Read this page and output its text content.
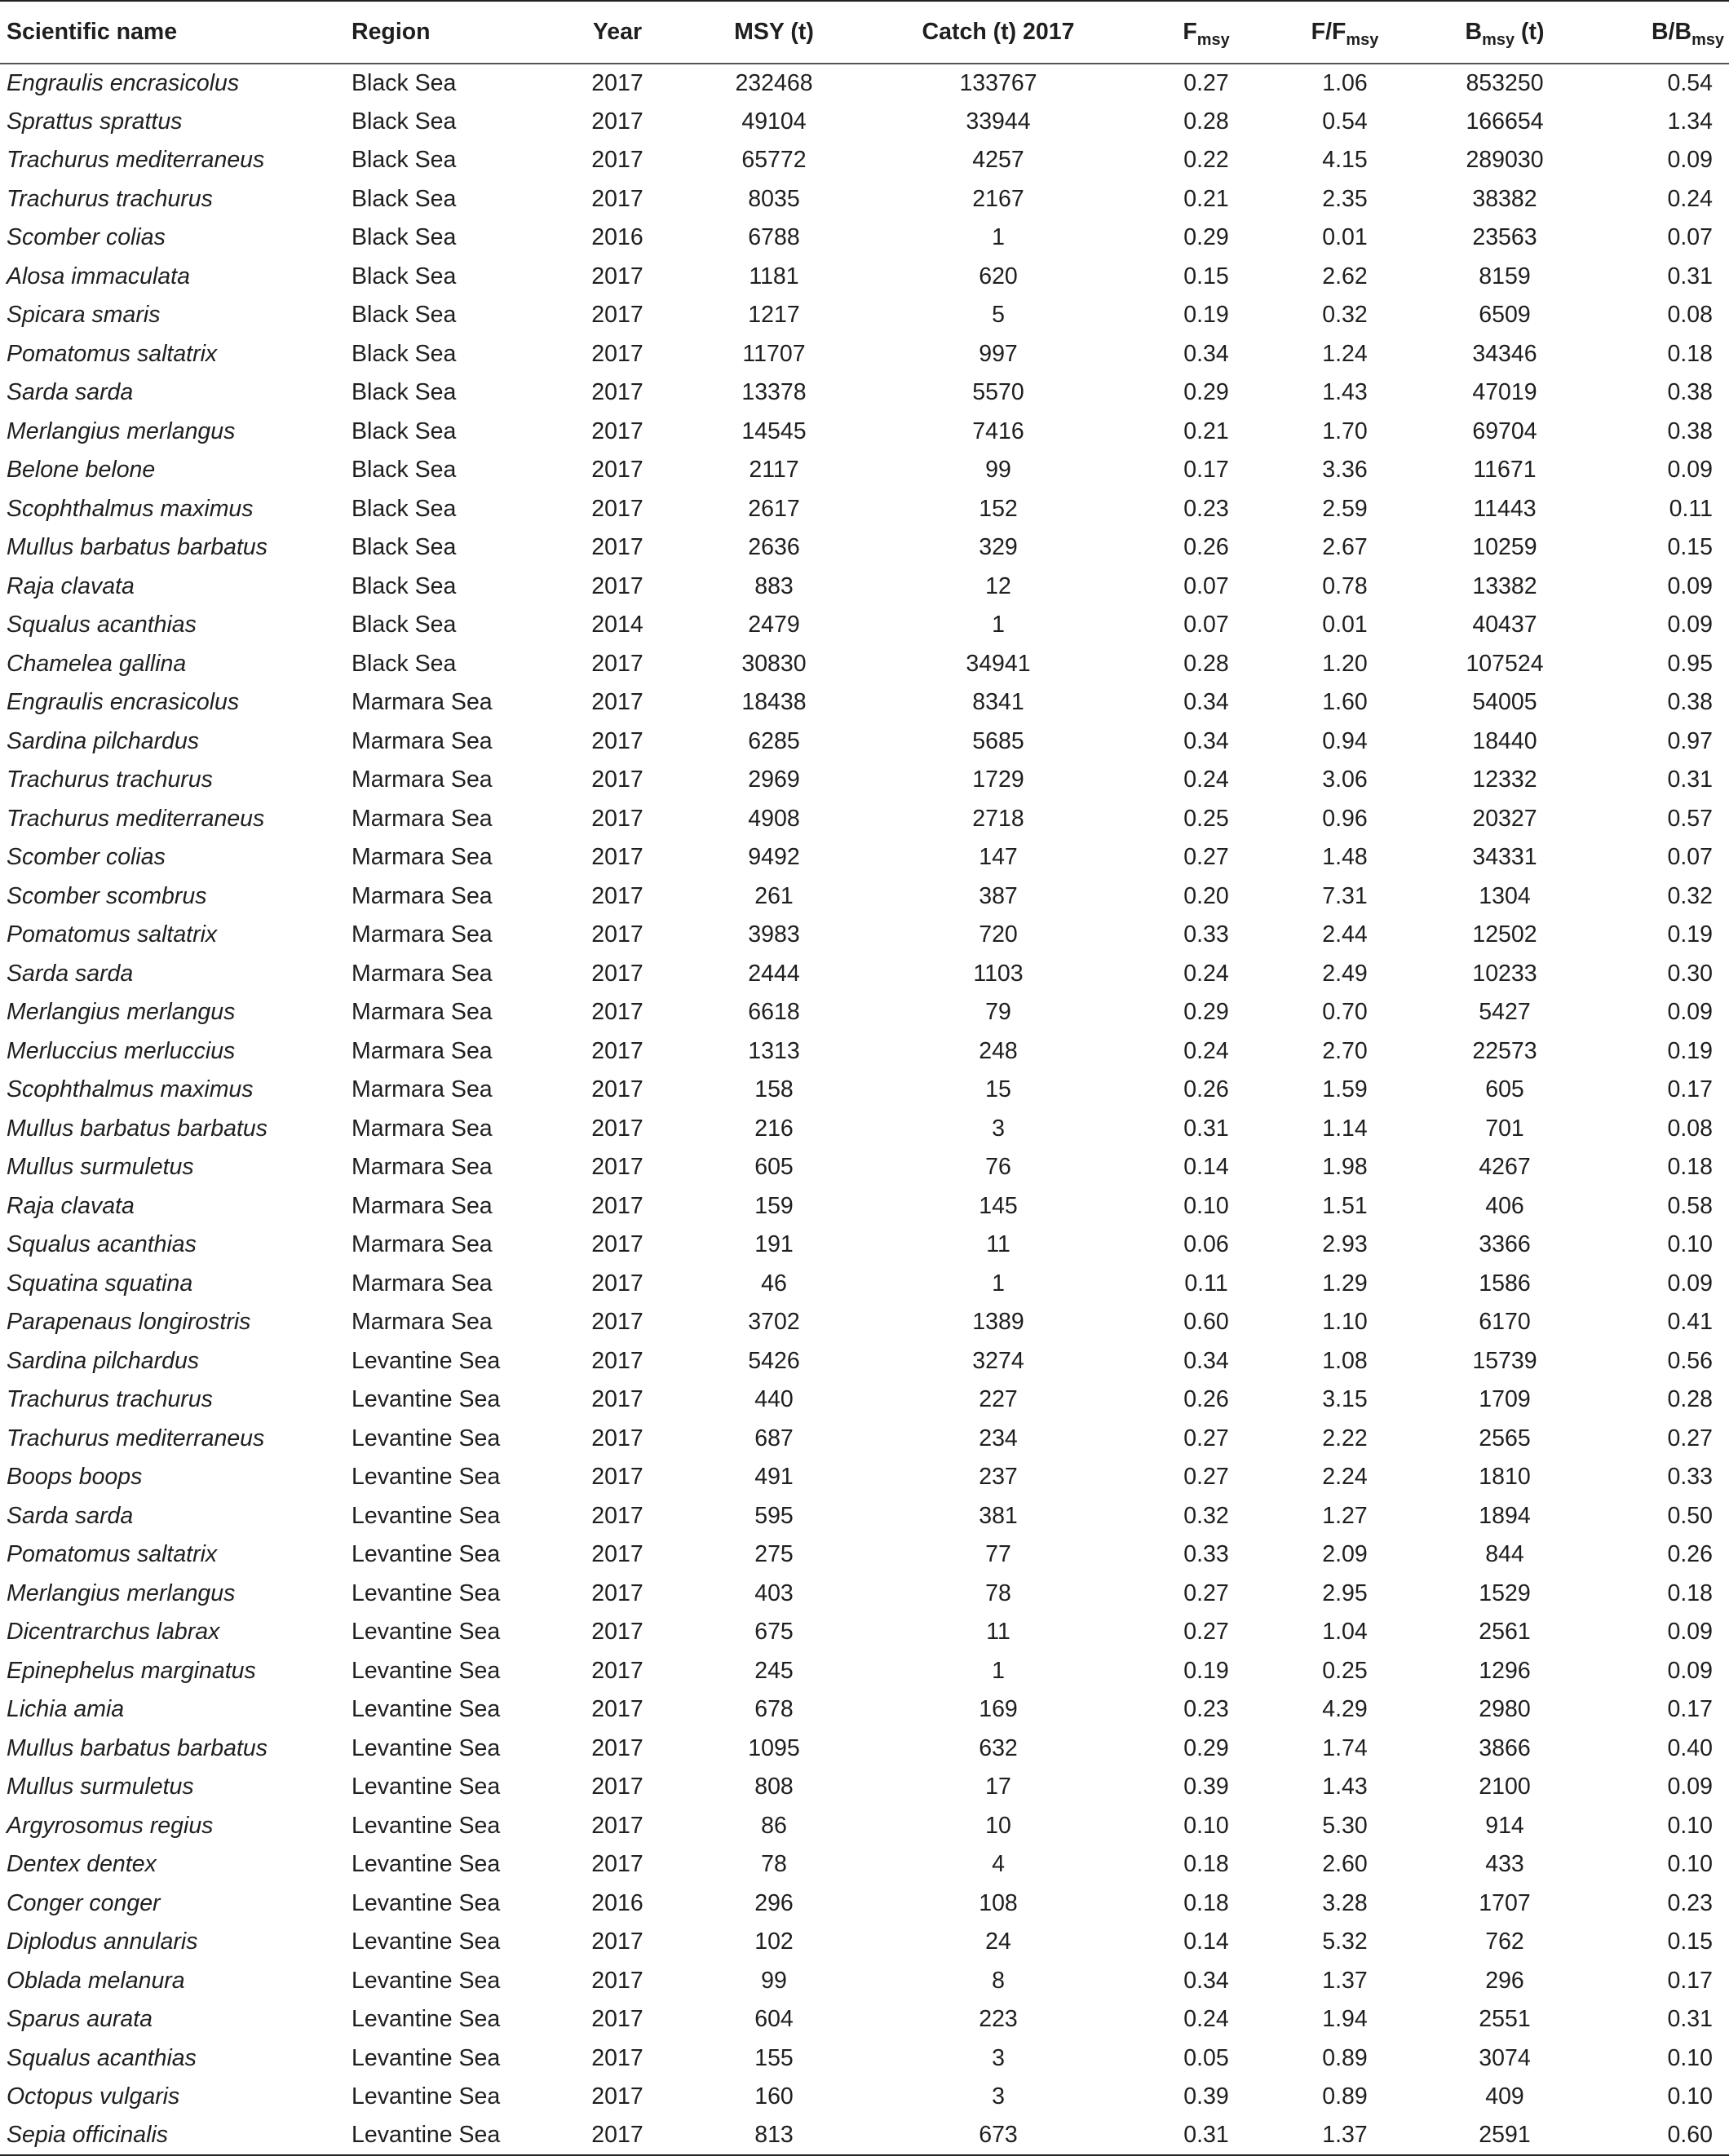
Scientific name	Region	Year	MSY (t)	Catch (t) 2017	$F_{msy}$	$F/F_{msy}$	$B_{msy}$ (t)	$B/B_{msy}$
Engraulis encrasicolus	Black Sea	2017	232468	133767	0.27	1.06	853250	0.54
Sprattus sprattus	Black Sea	2017	49104	33944	0.28	0.54	166654	1.34
Trachurus mediterraneus	Black Sea	2017	65772	4257	0.22	4.15	289030	0.09
Trachurus trachurus	Black Sea	2017	8035	2167	0.21	2.35	38382	0.24
Scomber colias	Black Sea	2016	6788	1	0.29	0.01	23563	0.07
Alosa immaculata	Black Sea	2017	1181	620	0.15	2.62	8159	0.31
Spicara smaris	Black Sea	2017	1217	5	0.19	0.32	6509	0.08
Pomatomus saltatrix	Black Sea	2017	11707	997	0.34	1.24	34346	0.18
Sarda sarda	Black Sea	2017	13378	5570	0.29	1.43	47019	0.38
Merlangius merlangus	Black Sea	2017	14545	7416	0.21	1.70	69704	0.38
Belone belone	Black Sea	2017	2117	99	0.17	3.36	11671	0.09
Scophthalmus maximus	Black Sea	2017	2617	152	0.23	2.59	11443	0.11
Mullus barbatus barbatus	Black Sea	2017	2636	329	0.26	2.67	10259	0.15
Raja clavata	Black Sea	2017	883	12	0.07	0.78	13382	0.09
Squalus acanthias	Black Sea	2014	2479	1	0.07	0.01	40437	0.09
Chamelea gallina	Black Sea	2017	30830	34941	0.28	1.20	107524	0.95
Engraulis encrasicolus	Marmara Sea	2017	18438	8341	0.34	1.60	54005	0.38
Sardina pilchardus	Marmara Sea	2017	6285	5685	0.34	0.94	18440	0.97
Trachurus trachurus	Marmara Sea	2017	2969	1729	0.24	3.06	12332	0.31
Trachurus mediterraneus	Marmara Sea	2017	4908	2718	0.25	0.96	20327	0.57
Scomber colias	Marmara Sea	2017	9492	147	0.27	1.48	34331	0.07
Scomber scombrus	Marmara Sea	2017	261	387	0.20	7.31	1304	0.32
Pomatomus saltatrix	Marmara Sea	2017	3983	720	0.33	2.44	12502	0.19
Sarda sarda	Marmara Sea	2017	2444	1103	0.24	2.49	10233	0.30
Merlangius merlangus	Marmara Sea	2017	6618	79	0.29	0.70	5427	0.09
Merluccius merluccius	Marmara Sea	2017	1313	248	0.24	2.70	22573	0.19
Scophthalmus maximus	Marmara Sea	2017	158	15	0.26	1.59	605	0.17
Mullus barbatus barbatus	Marmara Sea	2017	216	3	0.31	1.14	701	0.08
Mullus surmuletus	Marmara Sea	2017	605	76	0.14	1.98	4267	0.18
Raja clavata	Marmara Sea	2017	159	145	0.10	1.51	406	0.58
Squalus acanthias	Marmara Sea	2017	191	11	0.06	2.93	3366	0.10
Squatina squatina	Marmara Sea	2017	46	1	0.11	1.29	1586	0.09
Parapenaus longirostris	Marmara Sea	2017	3702	1389	0.60	1.10	6170	0.41
Sardina pilchardus	Levantine Sea	2017	5426	3274	0.34	1.08	15739	0.56
Trachurus trachurus	Levantine Sea	2017	440	227	0.26	3.15	1709	0.28
Trachurus mediterraneus	Levantine Sea	2017	687	234	0.27	2.22	2565	0.27
Boops boops	Levantine Sea	2017	491	237	0.27	2.24	1810	0.33
Sarda sarda	Levantine Sea	2017	595	381	0.32	1.27	1894	0.50
Pomatomus saltatrix	Levantine Sea	2017	275	77	0.33	2.09	844	0.26
Merlangius merlangus	Levantine Sea	2017	403	78	0.27	2.95	1529	0.18
Dicentrarchus labrax	Levantine Sea	2017	675	11	0.27	1.04	2561	0.09
Epinephelus marginatus	Levantine Sea	2017	245	1	0.19	0.25	1296	0.09
Lichia amia	Levantine Sea	2017	678	169	0.23	4.29	2980	0.17
Mullus barbatus barbatus	Levantine Sea	2017	1095	632	0.29	1.74	3866	0.40
Mullus surmuletus	Levantine Sea	2017	808	17	0.39	1.43	2100	0.09
Argyrosomus regius	Levantine Sea	2017	86	10	0.10	5.30	914	0.10
Dentex dentex	Levantine Sea	2017	78	4	0.18	2.60	433	0.10
Conger conger	Levantine Sea	2016	296	108	0.18	3.28	1707	0.23
Diplodus annularis	Levantine Sea	2017	102	24	0.14	5.32	762	0.15
Oblada melanura	Levantine Sea	2017	99	8	0.34	1.37	296	0.17
Sparus aurata	Levantine Sea	2017	604	223	0.24	1.94	2551	0.31
Squalus acanthias	Levantine Sea	2017	155	3	0.05	0.89	3074	0.10
Octopus vulgaris	Levantine Sea	2017	160	3	0.39	0.89	409	0.10
Sepia officinalis	Levantine Sea	2017	813	673	0.31	1.37	2591	0.60
